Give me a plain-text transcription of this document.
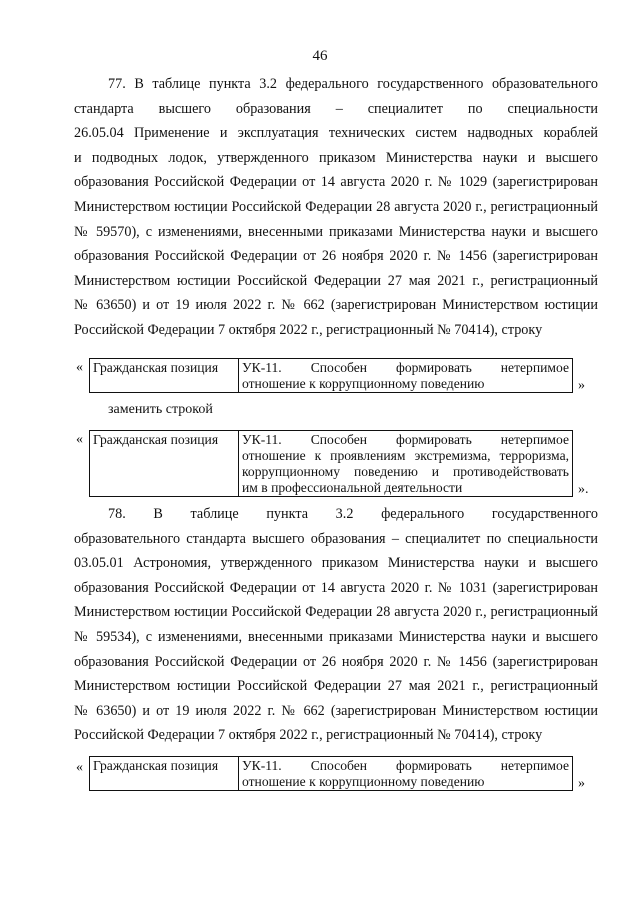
46
77. В таблице пункта 3.2 федерального государственного образовательного
стандарта высшего образования – специалитет по специальности
26.05.04 Применение и эксплуатация технических систем надводных кораблей
и подводных лодок, утвержденного приказом Министерства науки и высшего
образования Российской Федерации от 14 августа 2020 г. № 1029 (зарегистрирован
Министерством юстиции Российской Федерации 28 августа 2020 г., регистрационный
№ 59570), с изменениями, внесенными приказами Министерства науки и высшего
образования Российской Федерации от 26 ноября 2020 г. № 1456 (зарегистрирован
Министерством юстиции Российской Федерации 27 мая 2021 г., регистрационный
№ 63650) и от 19 июля 2022 г. № 662 (зарегистрирован Министерством юстиции
Российской Федерации 7 октября 2022 г., регистрационный № 70414), строку
« Гражданская позиция	УК-11. Способен формировать нетерпимое
отношение к коррупционному поведению	»
заменить строкой
« Гражданская позиция	УК-11. Способен формировать нетерпимое
отношение к проявлениям экстремизма, терроризма,
коррупционному поведению и противодействовать
им в профессиональной деятельности	».
78. В таблице пункта 3.2 федерального государственного
образовательного стандарта высшего образования – специалитет по специальности
03.05.01 Астрономия, утвержденного приказом Министерства науки и высшего
образования Российской Федерации от 14 августа 2020 г. № 1031 (зарегистрирован
Министерством юстиции Российской Федерации 28 августа 2020 г., регистрационный
№ 59534), с изменениями, внесенными приказами Министерства науки и высшего
образования Российской Федерации от 26 ноября 2020 г. № 1456 (зарегистрирован
Министерством юстиции Российской Федерации 27 мая 2021 г., регистрационный
№ 63650) и от 19 июля 2022 г. № 662 (зарегистрирован Министерством юстиции
Российской Федерации 7 октября 2022 г., регистрационный № 70414), строку
« Гражданская позиция	УК-11. Способен формировать нетерпимое
отношение к коррупционному поведению	»
